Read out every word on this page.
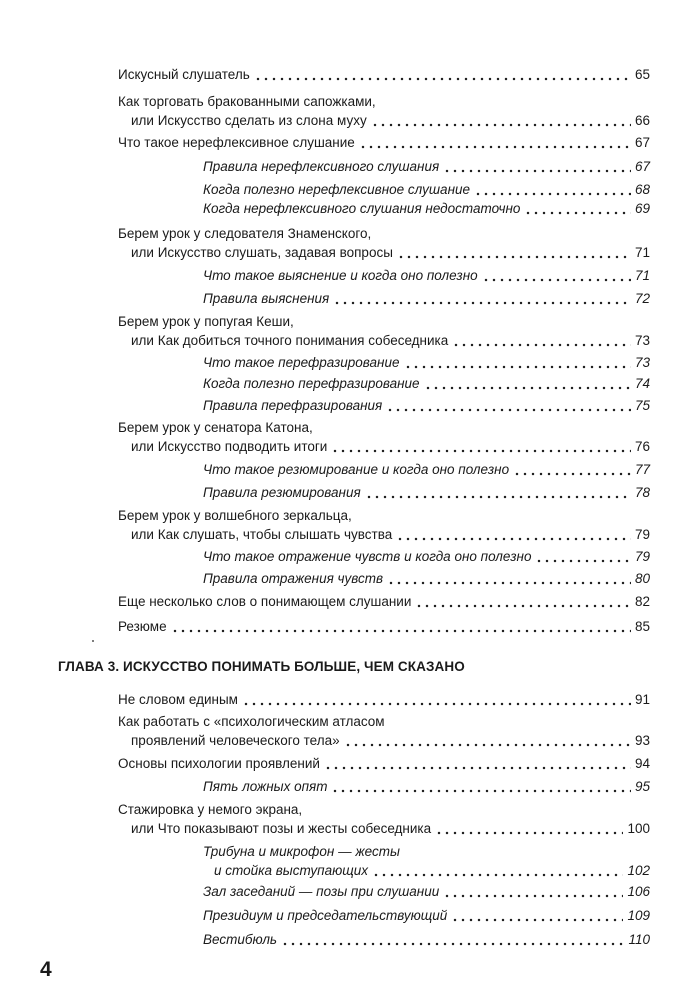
Искусный слушатель	65
Как торговать бракованными сапожками,
или Искусство сделать из слона муху	66
Что такое нерефлексивное слушание	67
Правила нерефлексивного слушания	67
Когда полезно нерефлексивное слушание	68
Когда нерефлексивного слушания недостаточно	69
Берем урок у следователя Знаменского,
или Искусство слушать, задавая вопросы	71
Что такое выяснение и когда оно полезно	71
Правила выяснения	72
Берем урок у попугая Кеши,
или Как добиться точного понимания собеседника	73
Что такое перефразирование	73
Когда полезно перефразирование	74
Правила перефразирования	75
Берем урок у сенатора Катона,
или Искусство подводить итоги	76
Что такое резюмирование и когда оно полезно	77
Правила резюмирования	78
Берем урок у волшебного зеркальца,
или Как слушать, чтобы слышать чувства	79
Что такое отражение чувств и когда оно полезно	79
Правила отражения чувств	80
Еще несколько слов о понимающем слушании	82
Резюме	85
Не словом единым	91
Как работать с «психологическим атласом
проявлений человеческого тела»	93
Основы психологии проявлений	94
Пять ложных опят	95
Стажировка у немого экрана,
или Что показывают позы и жесты собеседника	100
Трибуна и микрофон — жесты
и стойка выступающих	102
Зал заседаний — позы при слушании	106
Президиум и председательствующий	109
Вестибюль	110
ГЛАВА 3. ИСКУССТВО ПОНИМАТЬ БОЛЬШЕ, ЧЕМ СКАЗАНО
4
